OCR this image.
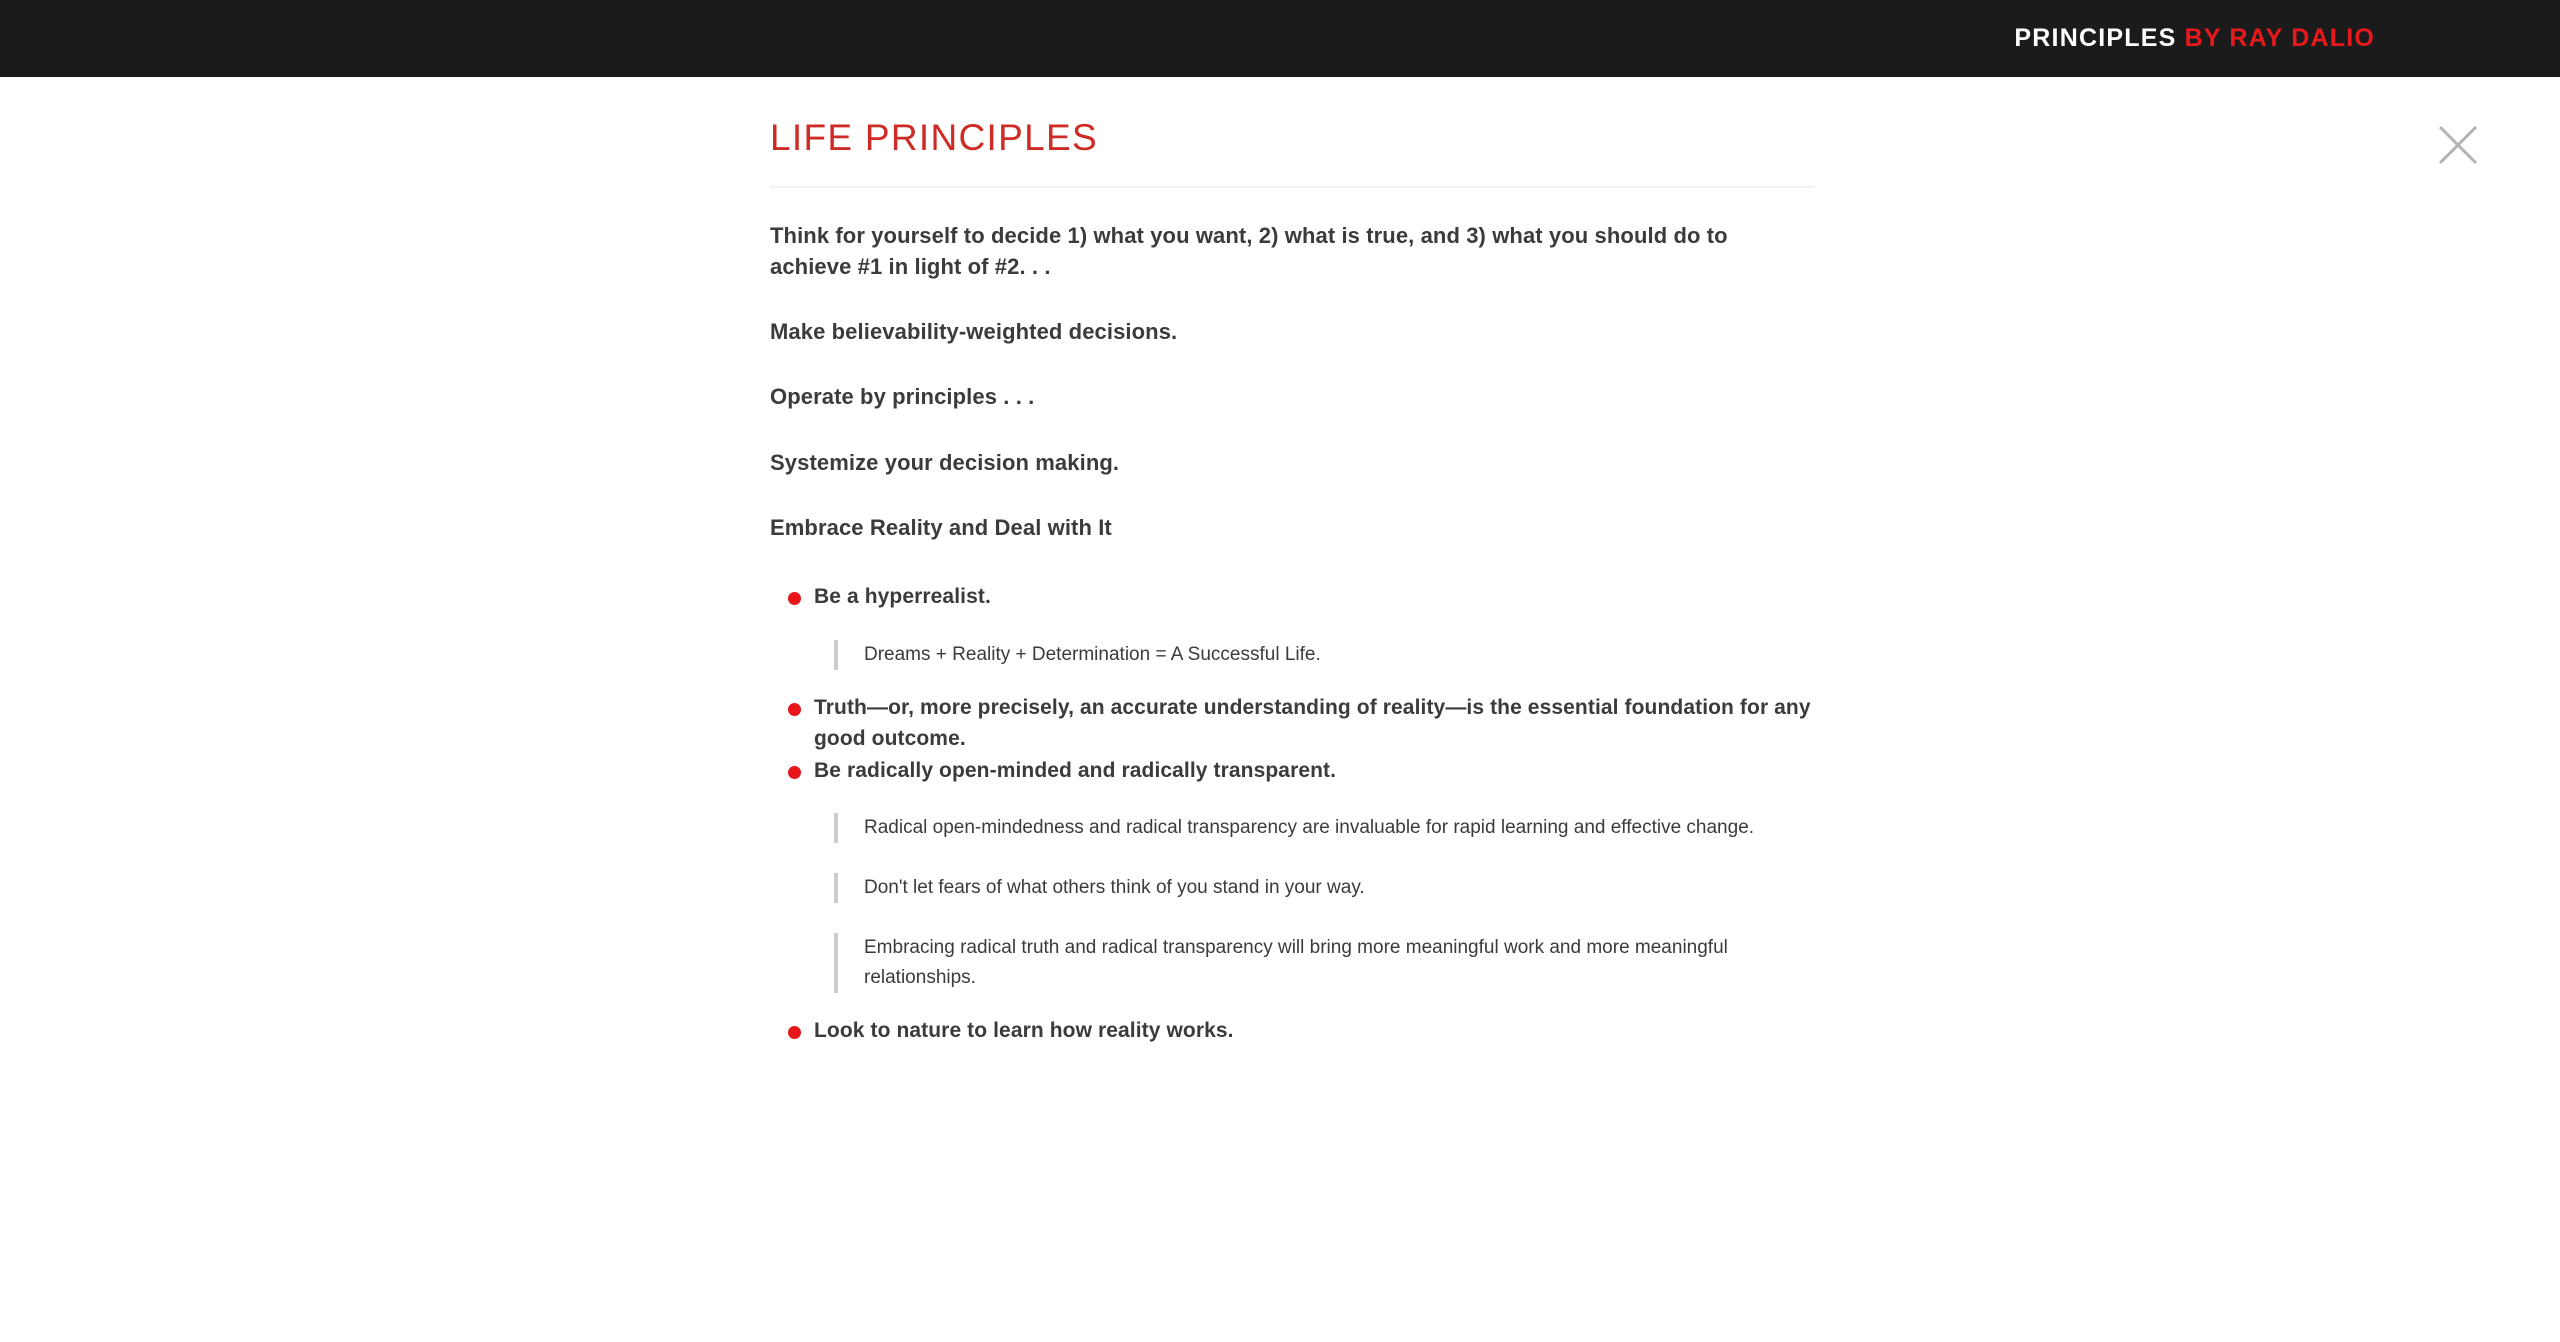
PRINCIPLES BY RAY DALIO
LIFE PRINCIPLES

Think for yourself to decide 1) what you want, 2) what is true, and 3) what you should do to achieve #1 in light of #2. . .

Make believability-weighted decisions.

Operate by principles . . .

Systemize your decision making.

Embrace Reality and Deal with It

Be a hyperrealist.
Dreams + Reality + Determination = A Successful Life.
Truth—or, more precisely, an accurate understanding of reality—is the essential foundation for any good outcome.
Be radically open-minded and radically transparent.
Radical open-mindedness and radical transparency are invaluable for rapid learning and effective change.
Don't let fears of what others think of you stand in your way.
Embracing radical truth and radical transparency will bring more meaningful work and more meaningful relationships.
Look to nature to learn how reality works.
